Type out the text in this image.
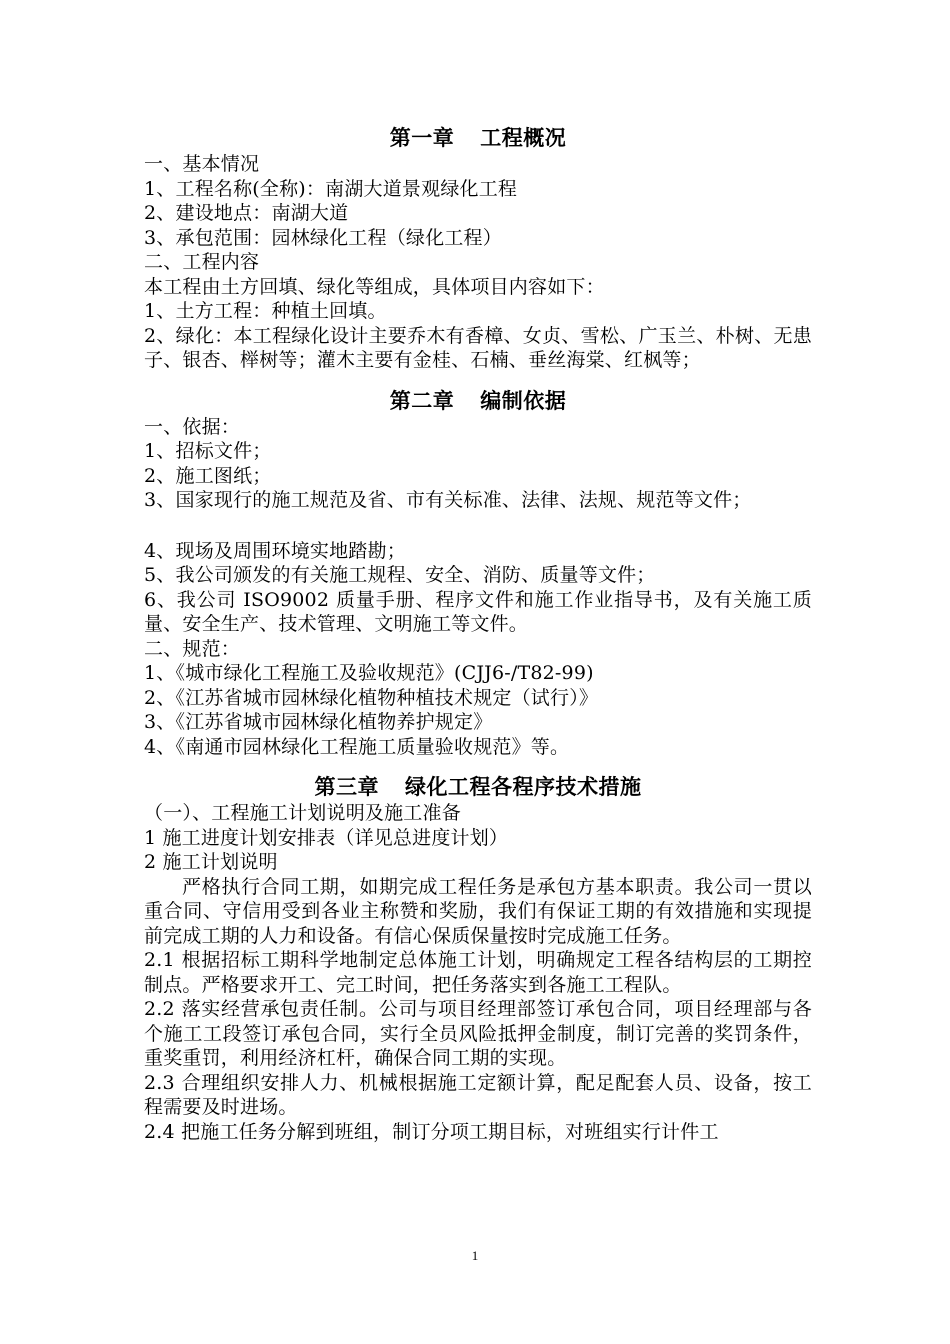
第一章 工程概况
一、基本情况
1、工程名称(全称)：南湖大道景观绿化工程
2、建设地点：南湖大道
3、承包范围：园林绿化工程（绿化工程）
二、工程内容
本工程由土方回填、绿化等组成，具体项目内容如下：
1、土方工程：种植土回填。
2、绿化：本工程绿化设计主要乔木有香樟、女贞、雪松、广玉兰、朴树、无患子、银杏、榉树等；灌木主要有金桂、石楠、垂丝海棠、红枫等；
第二章 编制依据
一、依据：
1、招标文件；
2、施工图纸；
3、国家现行的施工规范及省、市有关标准、法律、法规、规范等文件；
4、现场及周围环境实地踏勘；
5、我公司颁发的有关施工规程、安全、消防、质量等文件；
6、我公司 ISO9002 质量手册、程序文件和施工作业指导书，及有关施工质量、安全生产、技术管理、文明施工等文件。
二、规范：
1、《城市绿化工程施工及验收规范》(CJJ6-/T82-99)
2、《江苏省城市园林绿化植物种植技术规定（试行）》
3、《江苏省城市园林绿化植物养护规定》
4、《南通市园林绿化工程施工质量验收规范》等。
第三章 绿化工程各程序技术措施
（一）、工程施工计划说明及施工准备
1 施工进度计划安排表（详见总进度计划）
2 施工计划说明
严格执行合同工期，如期完成工程任务是承包方基本职责。我公司一贯以重合同、守信用受到各业主称赞和奖励，我们有保证工期的有效措施和实现提前完成工期的人力和设备。有信心保质保量按时完成施工任务。
2.1 根据招标工期科学地制定总体施工计划，明确规定工程各结构层的工期控制点。严格要求开工、完工时间，把任务落实到各施工工程队。
2.2 落实经营承包责任制。公司与项目经理部签订承包合同，项目经理部与各个施工工段签订承包合同，实行全员风险抵押金制度，制订完善的奖罚条件，重奖重罚，利用经济杠杆，确保合同工期的实现。
2.3 合理组织安排人力、机械根据施工定额计算，配足配套人员、设备，按工程需要及时进场。
2.4 把施工任务分解到班组，制订分项工期目标，对班组实行计件工
1
